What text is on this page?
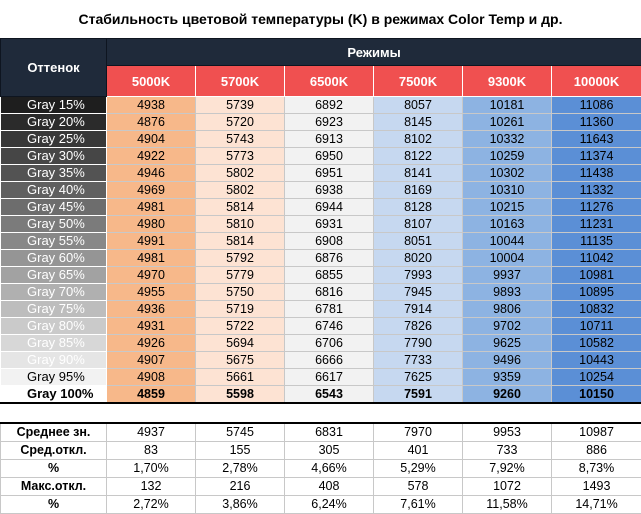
Стабильность цветовой температуры (K) в режимах Color Temp и др.
Оттенок	Режимы					
	5000K	5700K	6500K	7500K	9300K	10000K
Gray 15%	4938	5739	6892	8057	10181	11086
Gray 20%	4876	5720	6923	8145	10261	11360
Gray 25%	4904	5743	6913	8102	10332	11643
Gray 30%	4922	5773	6950	8122	10259	11374
Gray 35%	4946	5802	6951	8141	10302	11438
Gray 40%	4969	5802	6938	8169	10310	11332
Gray 45%	4981	5814	6944	8128	10215	11276
Gray 50%	4980	5810	6931	8107	10163	11231
Gray 55%	4991	5814	6908	8051	10044	11135
Gray 60%	4981	5792	6876	8020	10004	11042
Gray 65%	4970	5779	6855	7993	9937	10981
Gray 70%	4955	5750	6816	7945	9893	10895
Gray 75%	4936	5719	6781	7914	9806	10832
Gray 80%	4931	5722	6746	7826	9702	10711
Gray 85%	4926	5694	6706	7790	9625	10582
Gray 90%	4907	5675	6666	7733	9496	10443
Gray 95%	4908	5661	6617	7625	9359	10254
Gray 100%	4859	5598	6543	7591	9260	10150

Среднее зн.	4937	5745	6831	7970	9953	10987
Сред.откл.	83	155	305	401	733	886
%	1,70%	2,78%	4,66%	5,29%	7,92%	8,73%
Макс.откл.	132	216	408	578	1072	1493
%	2,72%	3,86%	6,24%	7,61%	11,58%	14,71%
